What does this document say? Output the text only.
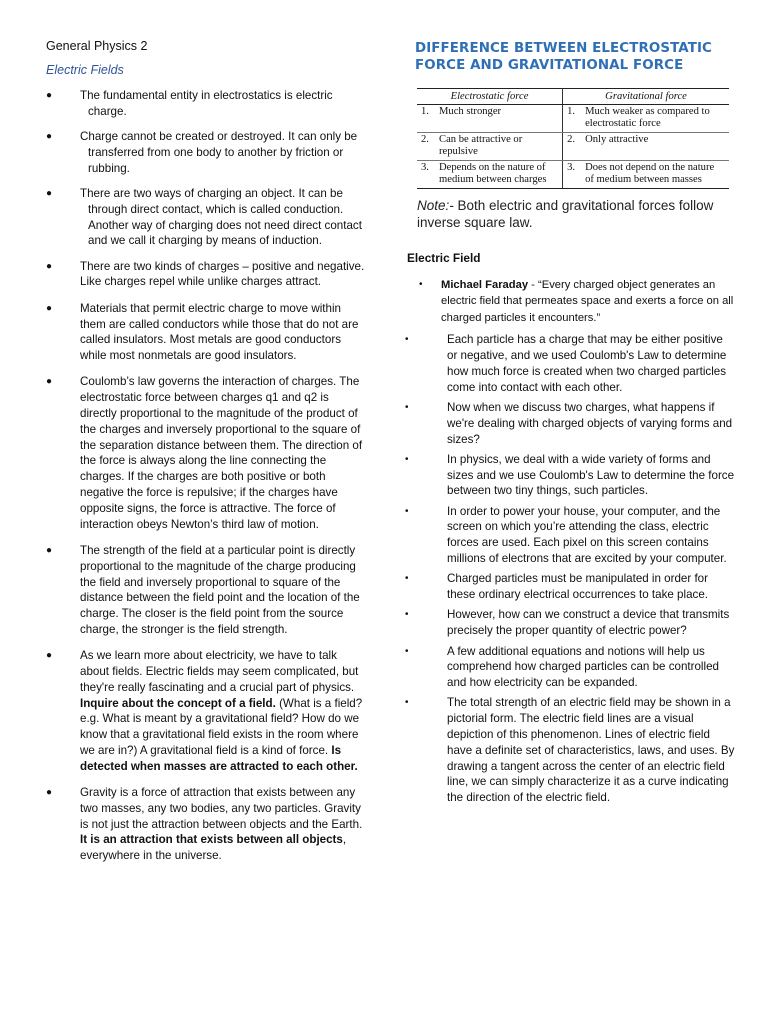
General Physics 2
Electric Fields
● The fundamental entity in electrostatics is electric charge.
● Charge cannot be created or destroyed. It can only be transferred from one body to another by friction or rubbing.
● There are two ways of charging an object. It can be through direct contact, which is called conduction. Another way of charging does not need direct contact and we call it charging by means of induction.
● There are two kinds of charges – positive and negative. Like charges repel while unlike charges attract.
● Materials that permit electric charge to move within them are called conductors while those that do not are called insulators. Most metals are good conductors while most nonmetals are good insulators.
● Coulomb’s law governs the interaction of charges. The electrostatic force between charges q1 and q2 is directly proportional to the magnitude of the product of the charges and inversely proportional to the square of the separation distance between them. The direction of the force is always along the line connecting the charges. If the charges are both positive or both negative the force is repulsive; if the charges have opposite signs, the force is attractive. The force of interaction obeys Newton’s third law of motion.
● The strength of the field at a particular point is directly proportional to the magnitude of the charge producing the field and inversely proportional to square of the distance between the field point and the location of the charge. The closer is the field point from the source charge, the stronger is the field strength.
● As we learn more about electricity, we have to talk about fields. Electric fields may seem complicated, but they're really fascinating and a crucial part of physics. Inquire about the concept of a field. (What is a field? e.g. What is meant by a gravitational field? How do we know that a gravitational field exists in the room where we are in?) A gravitational field is a kind of force. Is detected when masses are attracted to each other.
● Gravity is a force of attraction that exists between any two masses, any two bodies, any two particles. Gravity is not just the attraction between objects and the Earth. It is an attraction that exists between all objects, everywhere in the universe.
DIFFERENCE BETWEEN ELECTROSTATIC
FORCE AND GRAVITATIONAL FORCE
Electrostatic force		Gravitational force	
1.	Much stronger	1.	Much weaker as compared to electrostatic force
2.	Can be attractive or repulsive	2.	Only attractive
3.	Depends on the nature of medium between charges	3.	Does not depend on the nature of medium between masses
Note:- Both electric and gravitational forces follow inverse square law.
Electric Field
• Michael Faraday - “Every charged object generates an electric field that permeates space and exerts a force on all charged particles it encounters.”
•	Each particle has a charge that may be either positive or negative, and we used Coulomb's Law to determine how much force is created when two charged particles come into contact with each other.
•	Now when we discuss two charges, what happens if we're dealing with charged objects of varying forms and sizes?
•	In physics, we deal with a wide variety of forms and sizes and we use Coulomb's Law to determine the force between two tiny things, such particles.
•	In order to power your house, your computer, and the screen on which you’re attending the class, electric forces are used. Each pixel on this screen contains millions of electrons that are excited by your computer.
•	Charged particles must be manipulated in order for these ordinary electrical occurrences to take place.
•	However, how can we construct a device that transmits precisely the proper quantity of electric power?
•	A few additional equations and notions will help us comprehend how charged particles can be controlled and how electricity can be expanded.
•	The total strength of an electric field may be shown in a pictorial form. The electric field lines are a visual depiction of this phenomenon. Lines of electric field have a definite set of characteristics, laws, and uses. By drawing a tangent across the center of an electric field line, we can simply characterize it as a curve indicating the direction of the electric field.
